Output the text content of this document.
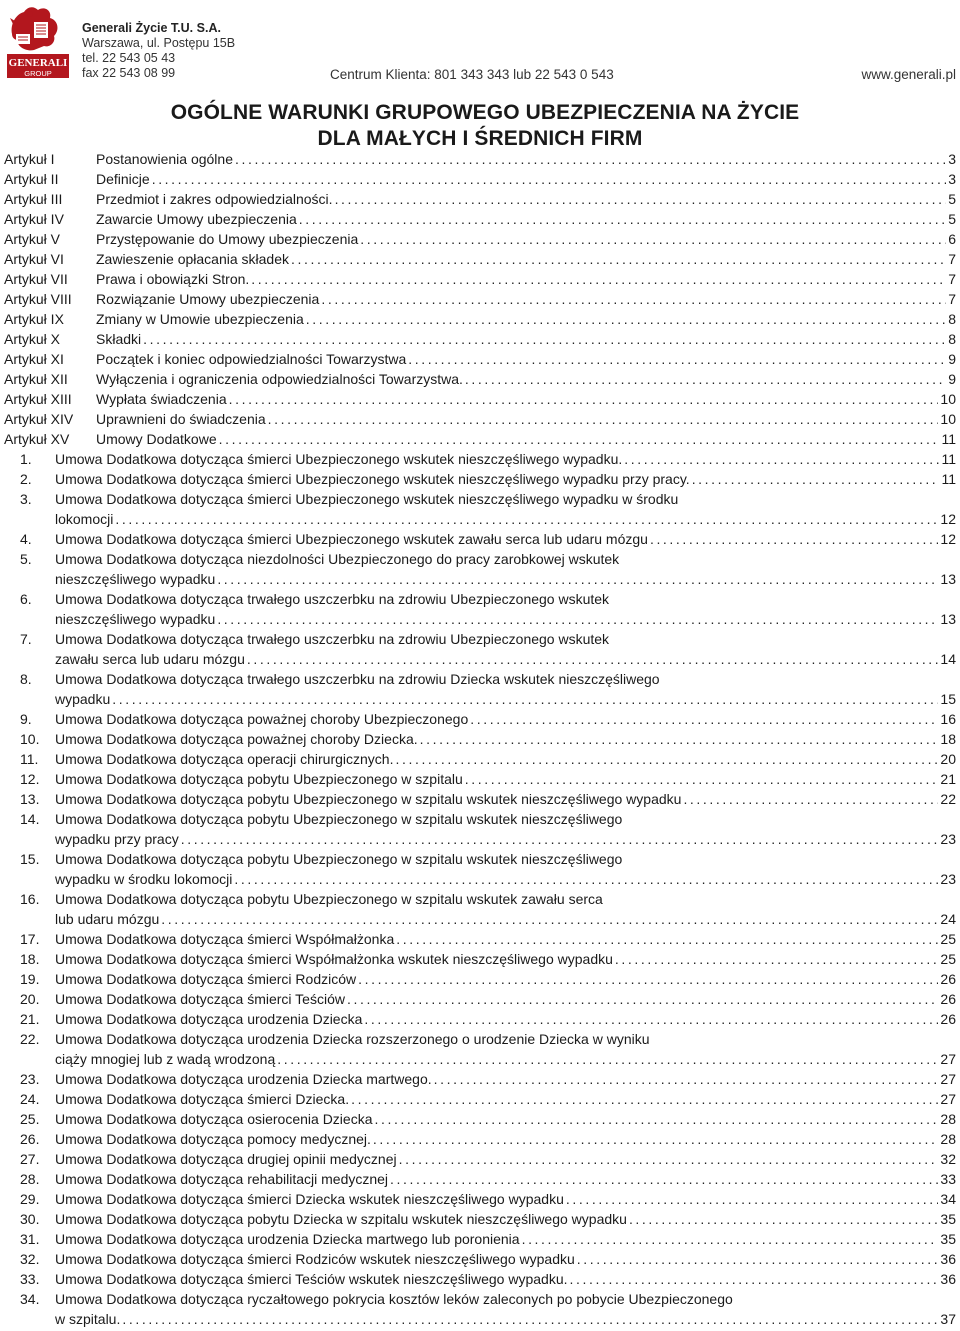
GENERALI
GROUP
Generali Życie T.U. S.A.
Warszawa, ul. Postępu 15B
tel. 22 543 05 43
fax 22 543 08 99	Centrum Klienta: 801 343 343 lub 22 543 0 543	www.generali.pl
OGÓLNE WARUNKI GRUPOWEGO UBEZPIECZENIA NA ŻYCIE
DLA MAŁYCH I ŚREDNICH FIRM
Artykuł I	Postanowienia ogólne .....	3
Artykuł II	Definicje .....	3
Artykuł III Przedmiot i zakres odpowiedzialności. .....	5
Artykuł IV Zawarcie Umowy ubezpieczenia .....	5
Artykuł V	Przystępowanie do Umowy ubezpieczenia .....	6
Artykuł VI Zawieszenie opłacania składek .....	7
Artykuł VII Prawa i obowiązki Stron. .....	7
Artykuł VIII Rozwiązanie Umowy ubezpieczenia .....	7
Artykuł IX Zmiany w Umowie ubezpieczenia .....	8
Artykuł X	Składki .....	8
Artykuł XI Początek i koniec odpowiedzialności Towarzystwa .....	9
Artykuł XII Wyłączenia i ograniczenia odpowiedzialności Towarzystwa. .....	9
Artykuł XIII Wypłata świadczenia .....	10
Artykuł XIV Uprawnieni do świadczenia .....	10
Artykuł XV Umowy Dodatkowe .....	11
1. Umowa Dodatkowa dotycząca śmierci Ubezpieczonego wskutek nieszczęśliwego wypadku. .....	11
2. Umowa Dodatkowa dotycząca śmierci Ubezpieczonego wskutek nieszczęśliwego wypadku przy pracy. .....	11
3. Umowa Dodatkowa dotycząca śmierci Ubezpieczonego wskutek nieszczęśliwego wypadku w środku
lokomocji .....	12
4. Umowa Dodatkowa dotycząca śmierci Ubezpieczonego wskutek zawału serca lub udaru mózgu .....	12
5. Umowa Dodatkowa dotycząca niezdolności Ubezpieczonego do pracy zarobkowej wskutek
nieszczęśliwego wypadku .....	13
6. Umowa Dodatkowa dotycząca trwałego uszczerbku na zdrowiu Ubezpieczonego wskutek
nieszczęśliwego wypadku .....	13
7. Umowa Dodatkowa dotycząca trwałego uszczerbku na zdrowiu Ubezpieczonego wskutek
zawału serca lub udaru mózgu .....	14
8. Umowa Dodatkowa dotycząca trwałego uszczerbku na zdrowiu Dziecka wskutek nieszczęśliwego
wypadku .....	15
9. Umowa Dodatkowa dotycząca poważnej choroby Ubezpieczonego .....	16
10. Umowa Dodatkowa dotycząca poważnej choroby Dziecka. .....	18
11. Umowa Dodatkowa dotycząca operacji chirurgicznych. .....	20
12. Umowa Dodatkowa dotycząca pobytu Ubezpieczonego w szpitalu .....	21
13. Umowa Dodatkowa dotycząca pobytu Ubezpieczonego w szpitalu wskutek nieszczęśliwego wypadku .....	22
14. Umowa Dodatkowa dotycząca pobytu Ubezpieczonego w szpitalu wskutek nieszczęśliwego
wypadku przy pracy .....	23
15. Umowa Dodatkowa dotycząca pobytu Ubezpieczonego w szpitalu wskutek nieszczęśliwego
wypadku w środku lokomocji .....	23
16. Umowa Dodatkowa dotycząca pobytu Ubezpieczonego w szpitalu wskutek zawału serca
lub udaru mózgu .....	24
17. Umowa Dodatkowa dotycząca śmierci Współmałżonka .....	25
18. Umowa Dodatkowa dotycząca śmierci Współmałżonka wskutek nieszczęśliwego wypadku .....	25
19. Umowa Dodatkowa dotycząca śmierci Rodziców .....	26
20. Umowa Dodatkowa dotycząca śmierci Teściów .....	26
21. Umowa Dodatkowa dotycząca urodzenia Dziecka .....	26
22. Umowa Dodatkowa dotycząca urodzenia Dziecka rozszerzonego o urodzenie Dziecka w wyniku
ciąży mnogiej lub z wadą wrodzoną .....	27
23. Umowa Dodatkowa dotycząca urodzenia Dziecka martwego. .....	27
24. Umowa Dodatkowa dotycząca śmierci Dziecka. .....	27
25. Umowa Dodatkowa dotycząca osierocenia Dziecka .....	28
26. Umowa Dodatkowa dotycząca pomocy medycznej. .....	28
27. Umowa Dodatkowa dotycząca drugiej opinii medycznej .....	32
28. Umowa Dodatkowa dotycząca rehabilitacji medycznej .....	33
29. Umowa Dodatkowa dotycząca śmierci Dziecka wskutek nieszczęśliwego wypadku .....	34
30. Umowa Dodatkowa dotycząca pobytu Dziecka w szpitalu wskutek nieszczęśliwego wypadku .....	35
31. Umowa Dodatkowa dotycząca urodzenia Dziecka martwego lub poronienia .....	35
32. Umowa Dodatkowa dotycząca śmierci Rodziców wskutek nieszczęśliwego wypadku .....	36
33. Umowa Dodatkowa dotycząca śmierci Teściów wskutek nieszczęśliwego wypadku. .....	36
34. Umowa Dodatkowa dotycząca ryczałtowego pokrycia kosztów leków zaleconych po pobycie Ubezpieczonego
w szpitalu. .....	37
